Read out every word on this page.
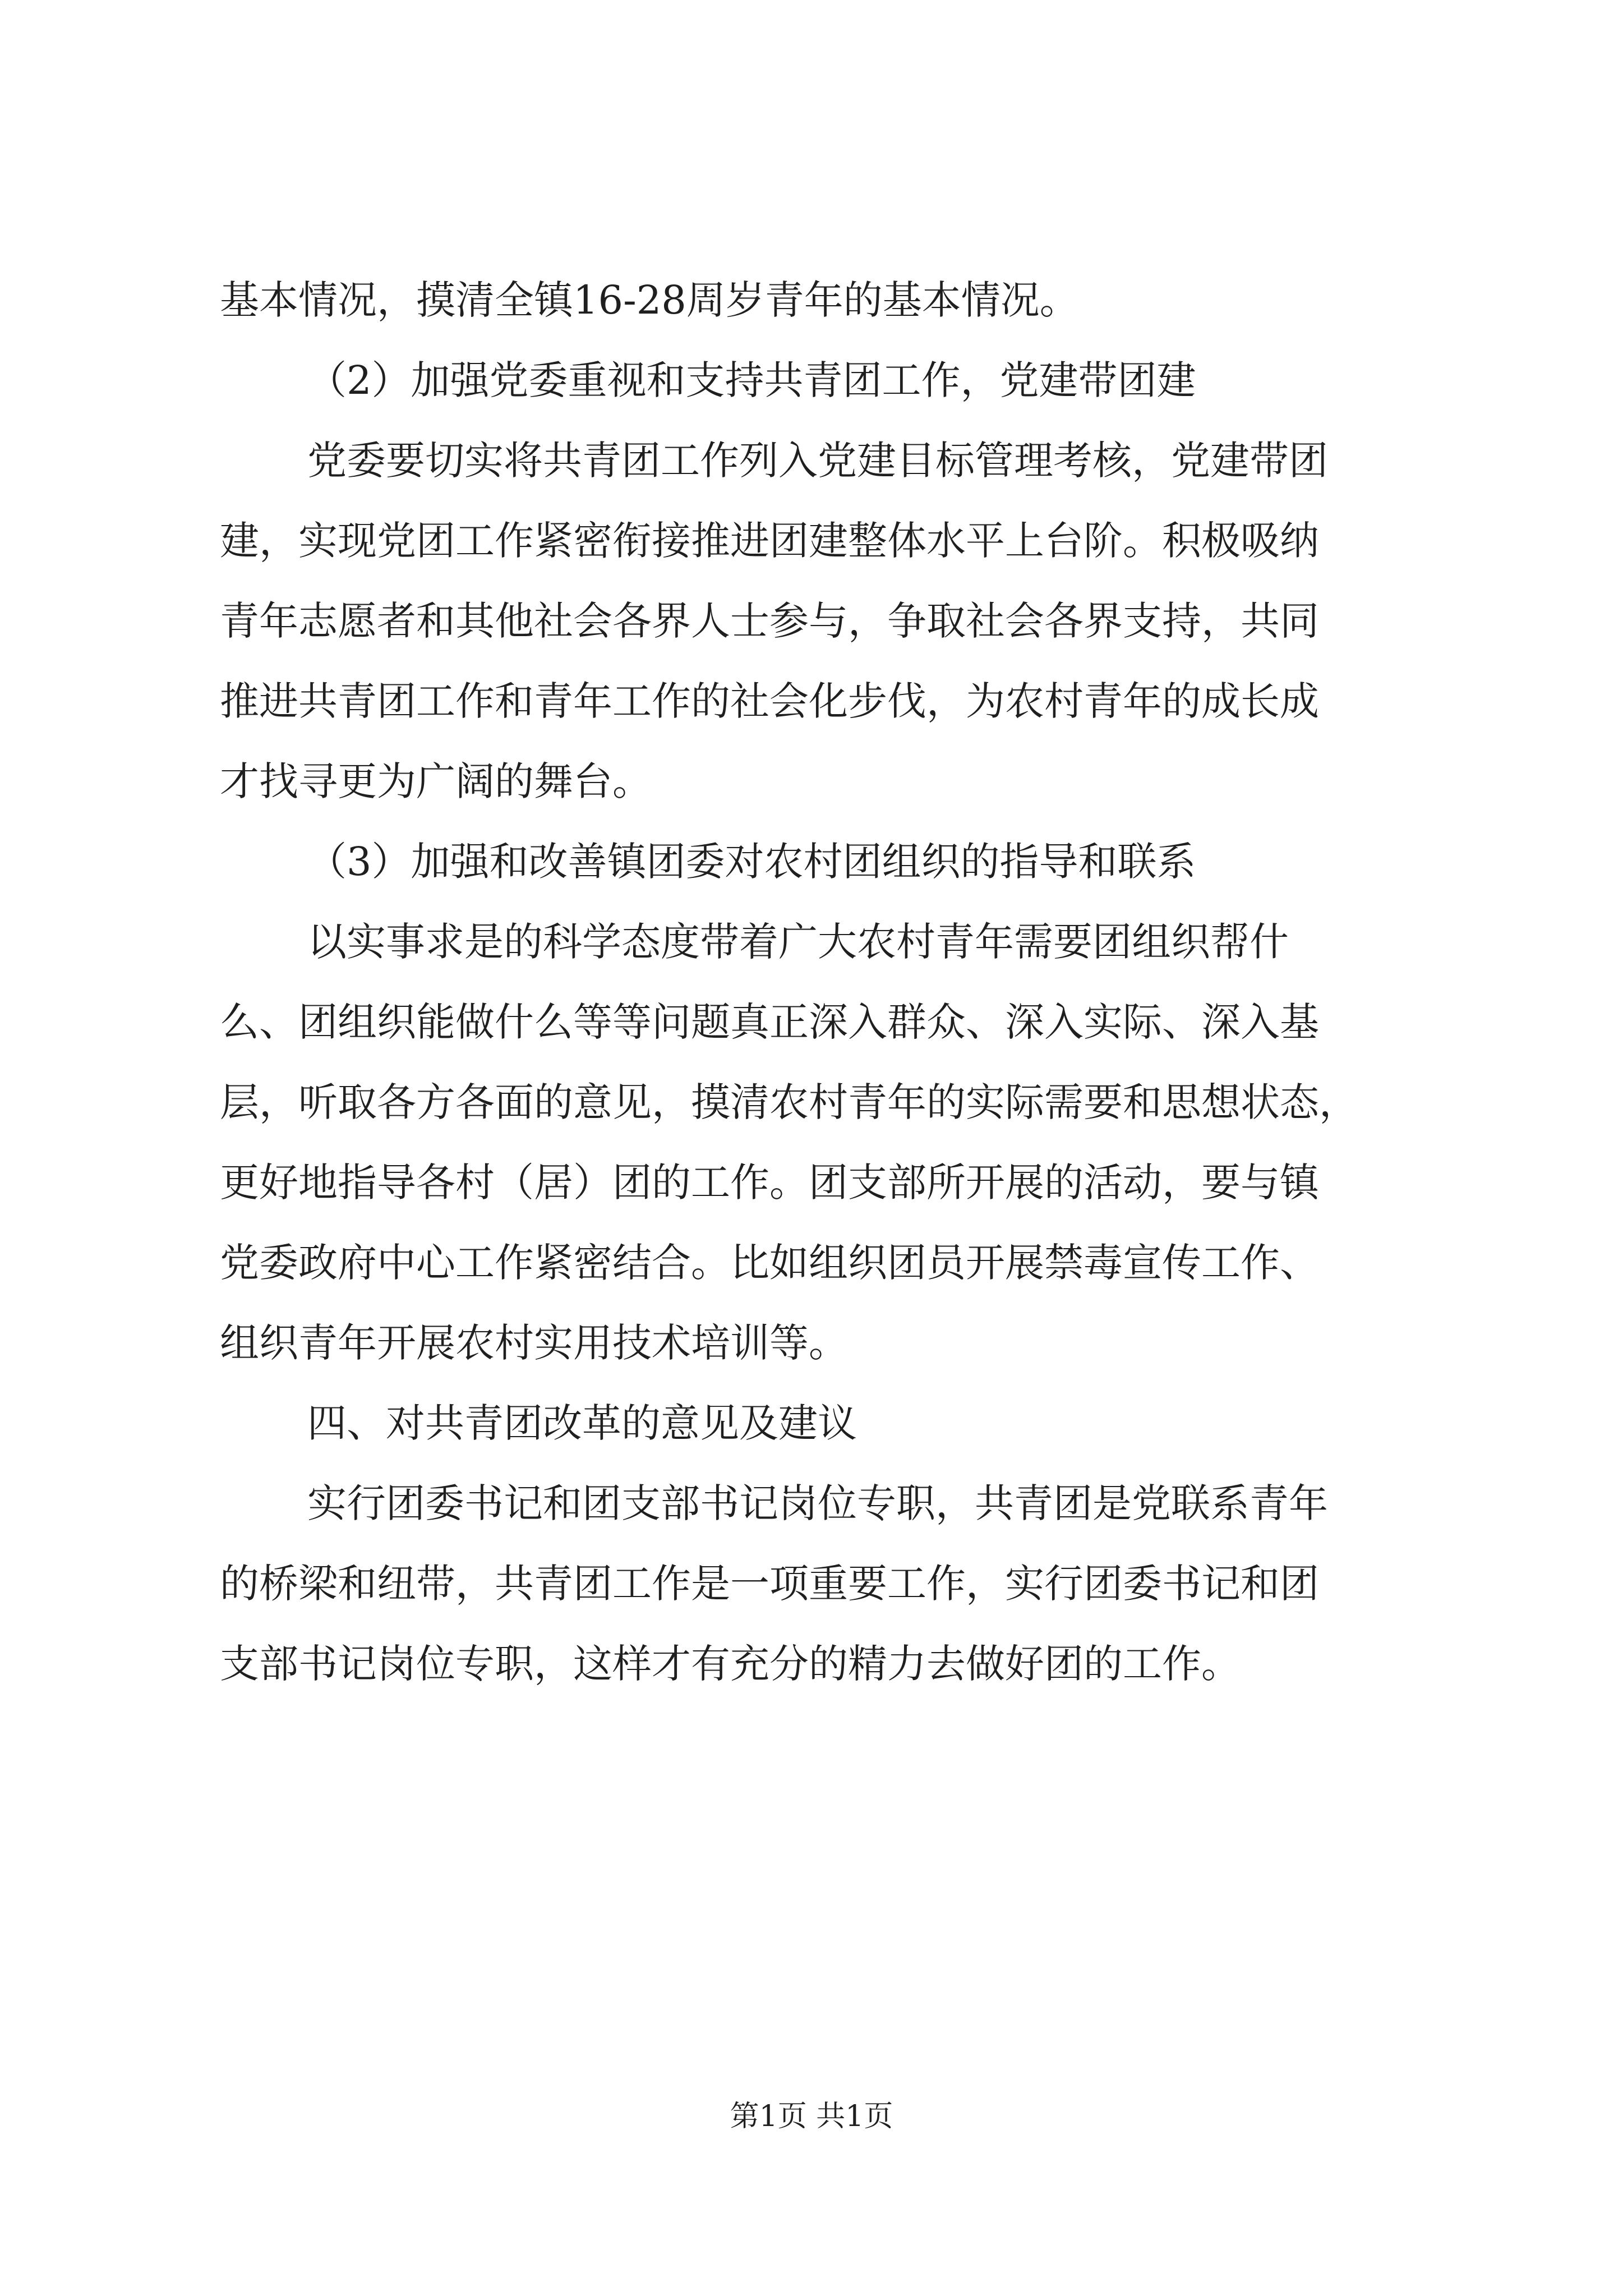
基本情况，摸清全镇16-28周岁青年的基本情况。

（2）加强党委重视和支持共青团工作，党建带团建

党委要切实将共青团工作列入党建目标管理考核，党建带团

建，实现党团工作紧密衔接推进团建整体水平上台阶。积极吸纳

青年志愿者和其他社会各界人士参与，争取社会各界支持，共同

推进共青团工作和青年工作的社会化步伐，为农村青年的成长成

才找寻更为广阔的舞台。

（3）加强和改善镇团委对农村团组织的指导和联系

以实事求是的科学态度带着广大农村青年需要团组织帮什

么、团组织能做什么等等问题真正深入群众、深入实际、深入基

层，听取各方各面的意见，摸清农村青年的实际需要和思想状态，

更好地指导各村（居）团的工作。团支部所开展的活动，要与镇

党委政府中心工作紧密结合。比如组织团员开展禁毒宣传工作、

组织青年开展农村实用技术培训等。

四、对共青团改革的意见及建议

实行团委书记和团支部书记岗位专职，共青团是党联系青年

的桥梁和纽带，共青团工作是一项重要工作，实行团委书记和团

支部书记岗位专职，这样才有充分的精力去做好团的工作。

第1页 共1页
